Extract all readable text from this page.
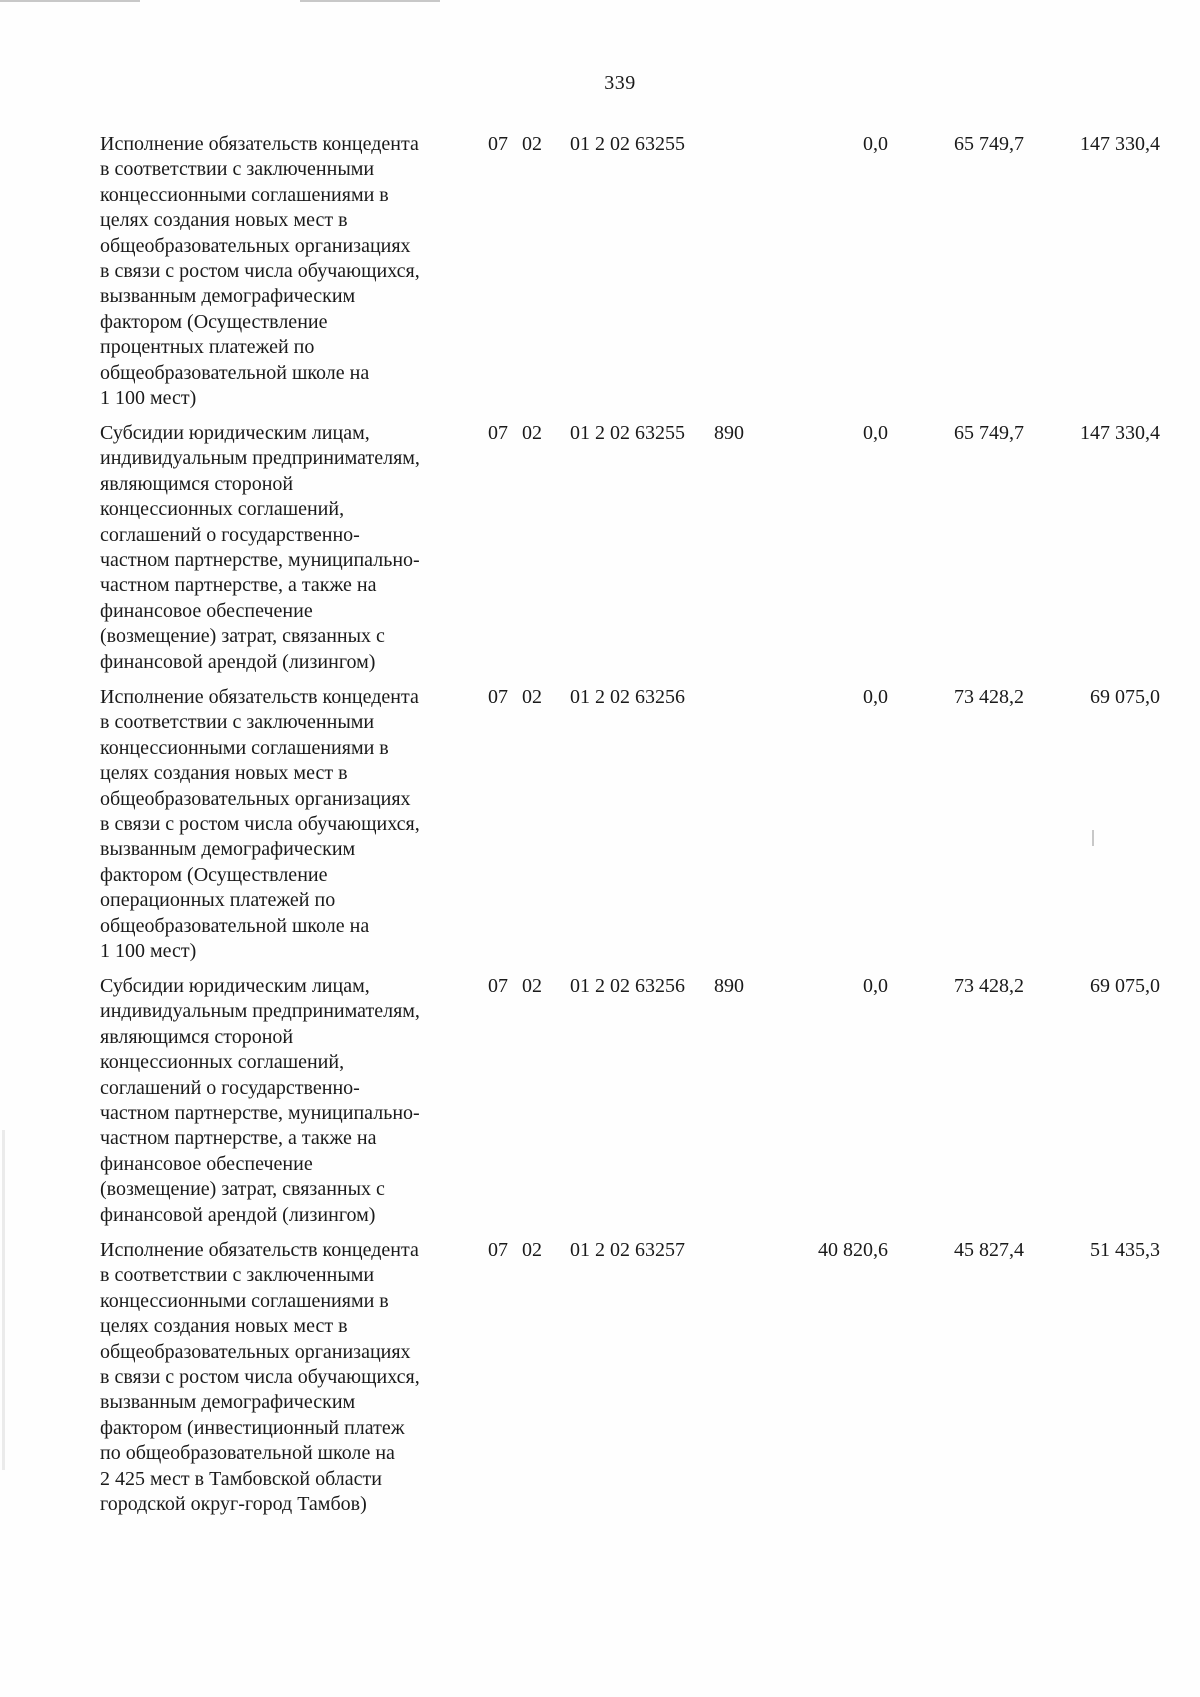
339
Исполнение обязательств концедента
в соответствии с заключенными
концессионными соглашениями в
целях создания новых мест в
общеобразовательных организациях
в связи с ростом числа обучающихся,
вызванным демографическим
фактором (Осуществление
процентных платежей по
общеобразовательной школе на
1 100 мест)
07 02 01 2 02 63255	0,0	65 749,7	147 330,4
Субсидии юридическим лицам,
индивидуальным предпринимателям,
являющимся стороной
концессионных соглашений,
соглашений о государственно-
частном партнерстве, муниципально-
частном партнерстве, а также на
финансовое обеспечение
(возмещение) затрат, связанных с
финансовой арендой (лизингом)
07 02 01 2 02 63255 890	0,0	65 749,7	147 330,4
Исполнение обязательств концедента
в соответствии с заключенными
концессионными соглашениями в
целях создания новых мест в
общеобразовательных организациях
в связи с ростом числа обучающихся,
вызванным демографическим
фактором (Осуществление
операционных платежей по
общеобразовательной школе на
1 100 мест)
07 02 01 2 02 63256	0,0	73 428,2	69 075,0
Субсидии юридическим лицам,
индивидуальным предпринимателям,
являющимся стороной
концессионных соглашений,
соглашений о государственно-
частном партнерстве, муниципально-
частном партнерстве, а также на
финансовое обеспечение
(возмещение) затрат, связанных с
финансовой арендой (лизингом)
07 02 01 2 02 63256 890	0,0	73 428,2	69 075,0
Исполнение обязательств концедента
в соответствии с заключенными
концессионными соглашениями в
целях создания новых мест в
общеобразовательных организациях
в связи с ростом числа обучающихся,
вызванным демографическим
фактором (инвестиционный платеж
по общеобразовательной школе на
2 425 мест в Тамбовской области
городской округ-город Тамбов)
07 02 01 2 02 63257	40 820,6	45 827,4	51 435,3
